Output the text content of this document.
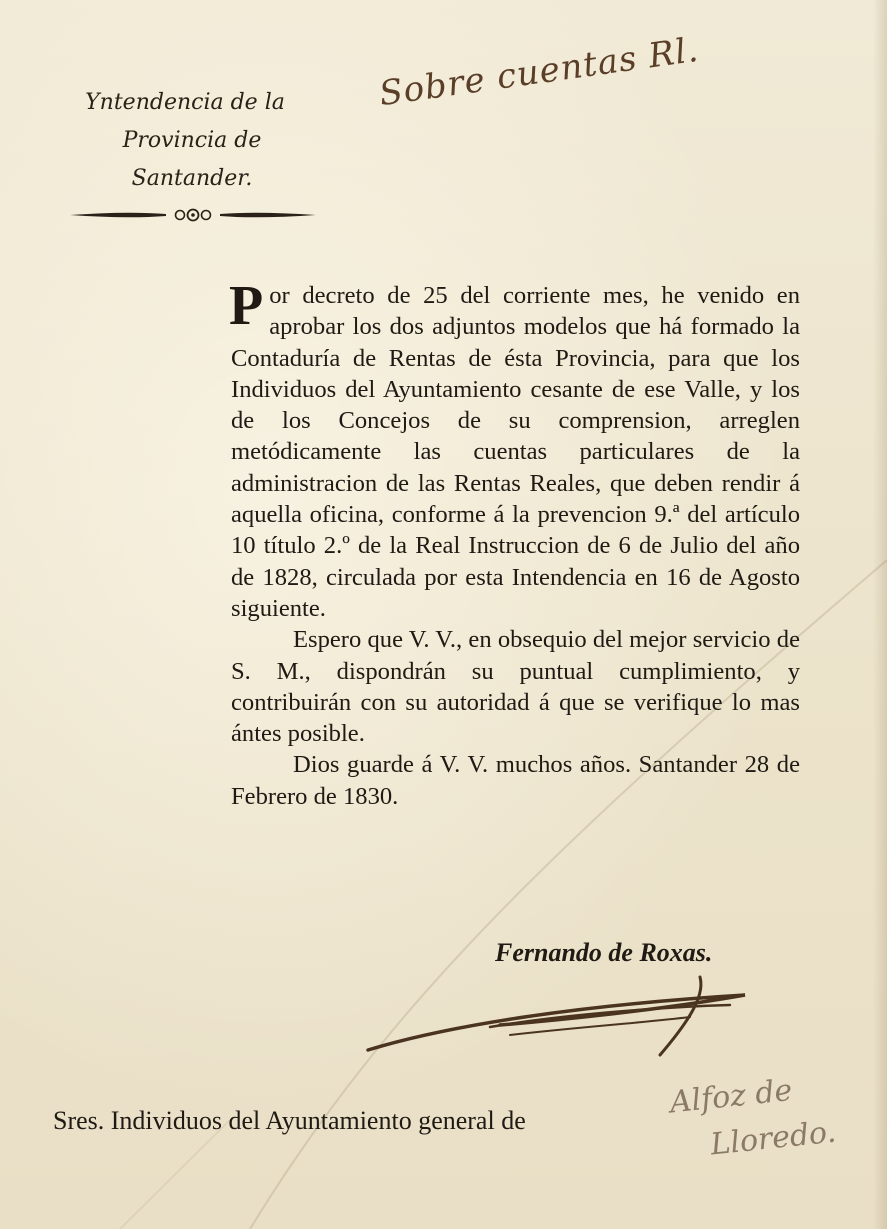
Yntendencia de la
Provincia de
Santander.
Sobre cuentas Rl.

Por decreto de 25 del corriente mes, he venido en aprobar los dos adjuntos modelos que há formado la Contaduría de Rentas de ésta Provincia, para que los Individuos del Ayuntamiento cesante de ese Valle, y los de los Concejos de su comprension, arreglen metódicamente las cuentas particulares de la administracion de las Rentas Reales, que deben rendir á aquella oficina, conforme á la prevencion 9.ª del artículo 10 título 2.º de la Real Instruccion de 6 de Julio del año de 1828, circulada por esta Intendencia en 16 de Agosto siguiente.

Espero que V. V., en obsequio del mejor servicio de S. M., dispondrán su puntual cumplimiento, y contribuirán con su autoridad á que se verifique lo mas ántes posible.

Dios guarde á V. V. muchos años. Santander 28 de Febrero de 1830.

Fernando de Roxas.
Sres. Individuos del Ayuntamiento general de
Alfoz de
Lloredo.
